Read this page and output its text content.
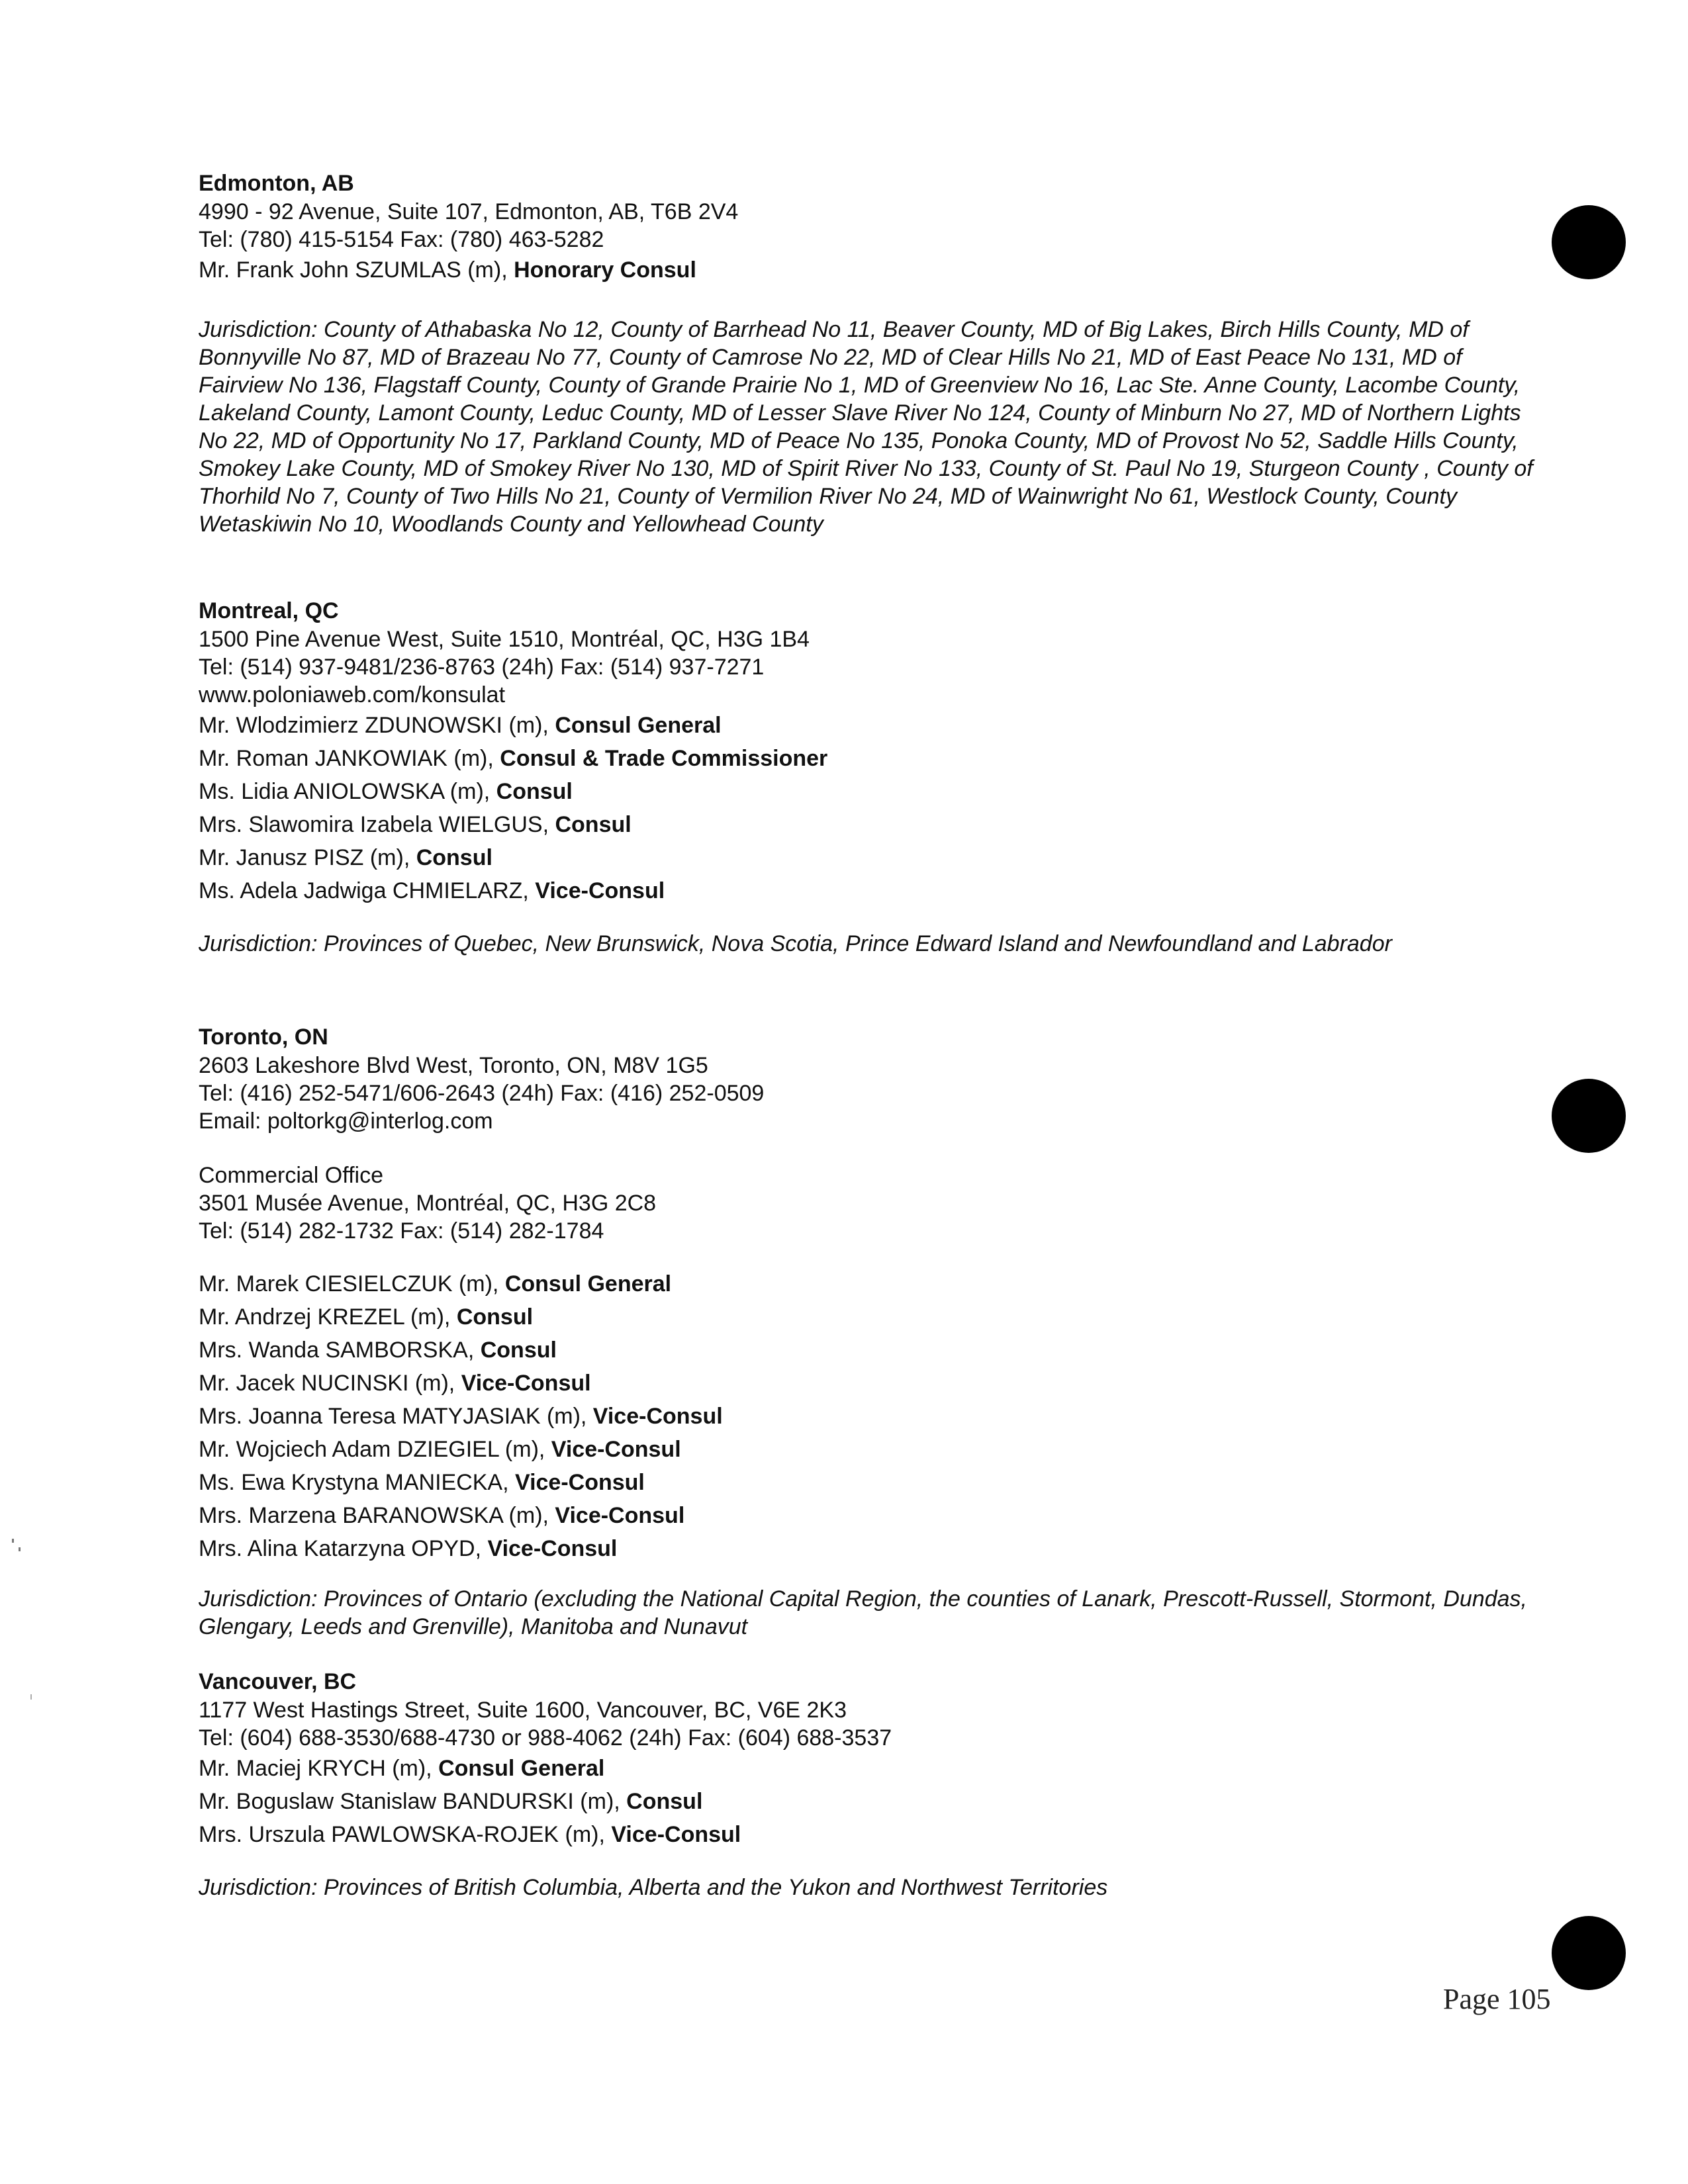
Edmonton, AB

4990 - 92 Avenue, Suite 107, Edmonton, AB, T6B 2V4

Tel: (780) 415-5154 Fax: (780) 463-5282

Mr. Frank John SZUMLAS (m), Honorary Consul

Jurisdiction: County of Athabaska No 12, County of Barrhead No 11, Beaver County, MD of Big Lakes, Birch Hills County, MD of Bonnyville No 87, MD of Brazeau No 77, County of Camrose No 22, MD of Clear Hills No 21, MD of East Peace No 131, MD of Fairview No 136, Flagstaff County, County of Grande Prairie No 1, MD of Greenview No 16, Lac Ste. Anne County, Lacombe County, Lakeland County, Lamont County, Leduc County, MD of Lesser Slave River No 124, County of Minburn No 27, MD of Northern Lights No 22, MD of Opportunity No 17, Parkland County, MD of Peace No 135, Ponoka County, MD of Provost No 52, Saddle Hills County, Smokey Lake County, MD of Smokey River No 130, MD of Spirit River No 133, County of St. Paul No 19, Sturgeon County , County of Thorhild No 7, County of Two Hills No 21, County of Vermilion River No 24, MD of Wainwright No 61, Westlock County, County Wetaskiwin No 10, Woodlands County and Yellowhead County

Montreal, QC

1500 Pine Avenue West, Suite 1510, Montréal, QC, H3G 1B4

Tel: (514) 937-9481/236-8763 (24h) Fax: (514) 937-7271

www.poloniaweb.com/konsulat

Mr. Wlodzimierz ZDUNOWSKI (m), Consul General

Mr. Roman JANKOWIAK (m), Consul & Trade Commissioner

Ms. Lidia ANIOLOWSKA (m), Consul

Mrs. Slawomira Izabela WIELGUS, Consul

Mr. Janusz PISZ (m), Consul

Ms. Adela Jadwiga CHMIELARZ, Vice-Consul

Jurisdiction: Provinces of Quebec, New Brunswick, Nova Scotia, Prince Edward Island and Newfoundland and Labrador

Toronto, ON

2603 Lakeshore Blvd West, Toronto, ON, M8V 1G5

Tel: (416) 252-5471/606-2643 (24h) Fax: (416) 252-0509

Email: poltorkg@interlog.com

Commercial Office

3501 Musée Avenue, Montréal, QC, H3G 2C8

Tel: (514) 282-1732 Fax: (514) 282-1784

Mr. Marek CIESIELCZUK (m), Consul General

Mr. Andrzej KREZEL (m), Consul

Mrs. Wanda SAMBORSKA, Consul

Mr. Jacek NUCINSKI (m), Vice-Consul

Mrs. Joanna Teresa MATYJASIAK (m), Vice-Consul

Mr. Wojciech Adam DZIEGIEL (m), Vice-Consul

Ms. Ewa Krystyna MANIECKA, Vice-Consul

Mrs. Marzena BARANOWSKA (m), Vice-Consul

Mrs. Alina Katarzyna OPYD, Vice-Consul

Jurisdiction: Provinces of Ontario (excluding the National Capital Region, the counties of Lanark, Prescott-Russell, Stormont, Dundas, Glengary, Leeds and Grenville), Manitoba and Nunavut

Vancouver, BC

1177 West Hastings Street, Suite 1600, Vancouver, BC, V6E 2K3

Tel: (604) 688-3530/688-4730 or 988-4062 (24h) Fax: (604) 688-3537

Mr. Maciej KRYCH (m), Consul General

Mr. Boguslaw Stanislaw BANDURSKI (m), Consul

Mrs. Urszula PAWLOWSKA-ROJEK (m), Vice-Consul

Jurisdiction: Provinces of British Columbia, Alberta and the Yukon and Northwest Territories

Page 105
